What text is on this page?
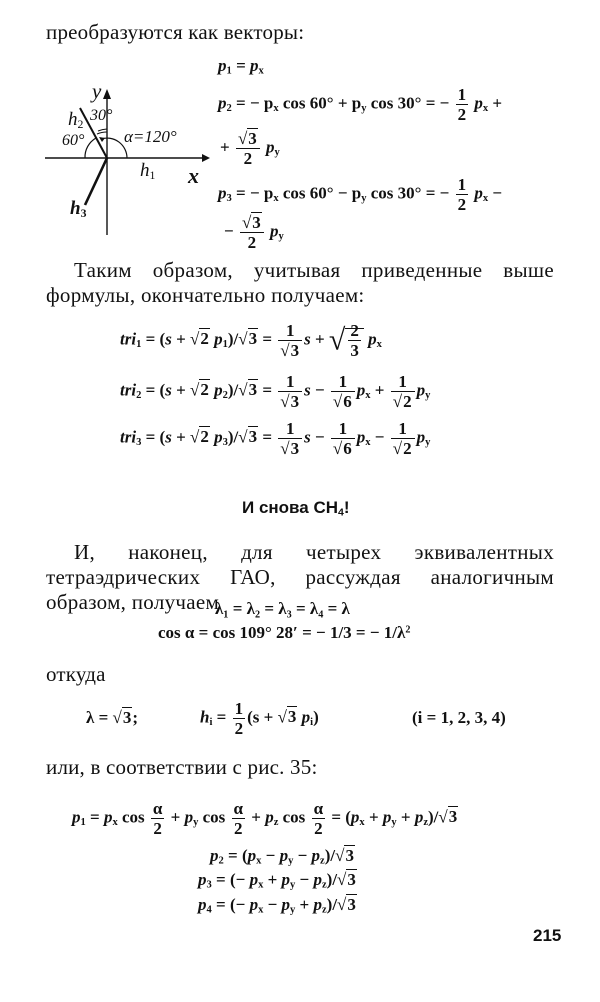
преобразуются как векторы:
y
x
$h_1$
$h_2$
$h_3$
30°
60° α=120°
$p_1 = p_x$
$p_2$ = − $p_x$ $\cos 60^\circ + p_y$ cos 30° = − $\frac{1}{2} p_x$ +
+ $\frac{√3}{2} p_y$
$p_3$ = − $p_x$ $\cos 60^\circ - p_y$ cos 30° = − $\frac{1}{2} p_x$ −
− $\frac{√3}{2} p_y$
Таким образом, учитывая приведенные выше формулы, окончательно получаем:
tri$_1$ = (s + √2 $p_1)/√3 = \frac{1}{√3}$ s + √ $\frac{2}{3} p_x$
tri$_2$ = (s + √2 $p_2)/√3 = \frac{1}{√3}$ $s - \frac{1}{√6} p_x + \frac{1}{√2} p_y$
tri$_3$ = (s + √2 $p_3)/√3 = \frac{1}{√3}$ $s - \frac{1}{√6} p_x - \frac{1}{√2} p_y$
И снова $CH_4$!
И, наконец, для четырех эквивалентных тетраэдрических ГАО, рассуждая аналогичным образом, получаем
λ₁ = λ₂ = λ₃ = λ₄ = λ
cos α = cos 109° 28′ = − 1/3 = − $1/\lambda^2$
откуда
λ = √3;	$h_i = \frac{1}{2} (s + √3$ $p_i$)	(i = 1, 2, 3, 4)
или, в соответствии с рис. 35:
$p_1 = p_x$ $\cos \frac{\alpha}{2} + p_y$ $\cos \frac{\alpha}{2} + p_z$ $\cos \frac{\alpha}{2} = (p_x + p_y + p_z)/√3$
$p_2 = (p_x - p_y - p_z)/√3$
$p_3$ = (− $p_x + p_y - p_z)/√3$
$p_4$ = (− $p_x - p_y + p_z)/√3$
215
